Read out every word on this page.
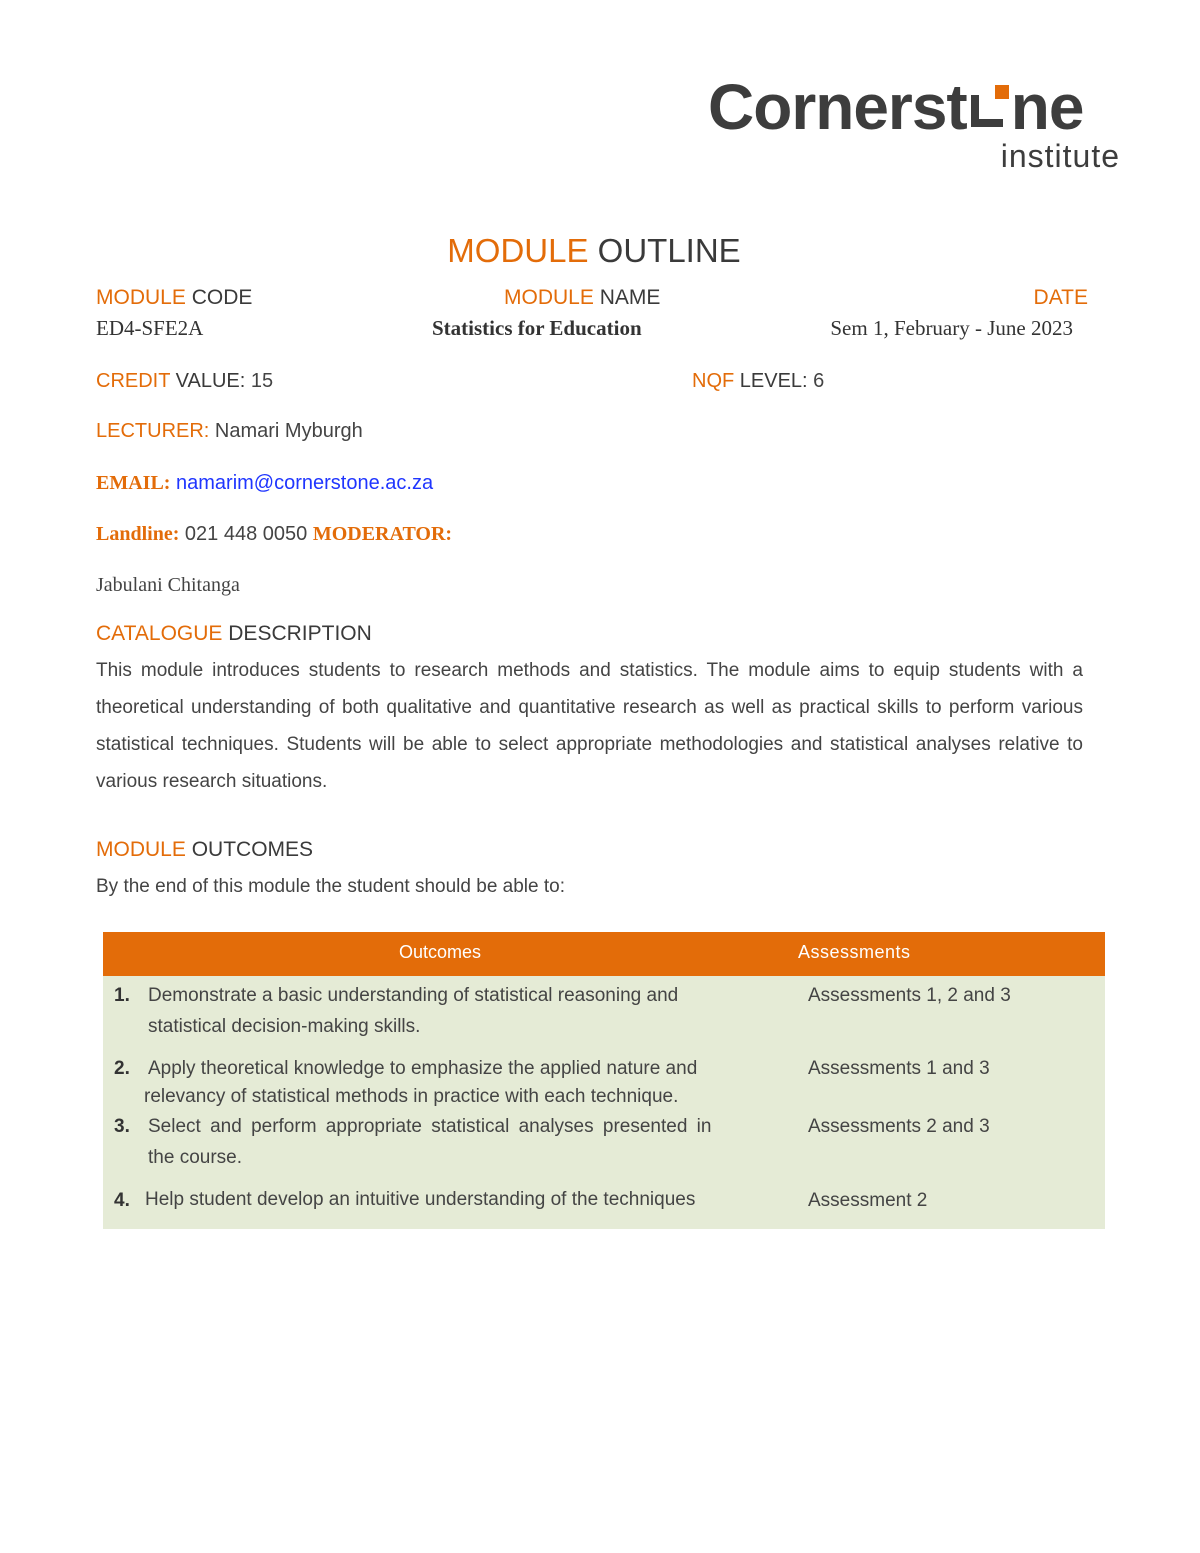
Cornerst ne
institute
MODULE OUTLINE
MODULE CODE	MODULE NAME	DATE
ED4-SFE2A	Statistics for Education	Sem 1, February - June 2023
CREDIT VALUE: 15	NQF LEVEL: 6
LECTURER: Namari Myburgh
EMAIL: namarim@cornerstone.ac.za
Landline: 021 448 0050 MODERATOR:
Jabulani Chitanga
CATALOGUE DESCRIPTION
This module introduces students to research methods and statistics. The module aims to equip students with a theoretical understanding of both qualitative and quantitative research as well as practical skills to perform various statistical techniques. Students will be able to select appropriate methodologies and statistical analyses relative to various research situations.
MODULE OUTCOMES
By the end of this module the student should be able to:
Outcomes	Assessments
1. Demonstrate a basic understanding of statistical reasoning and
statistical decision-making skills.
Assessments 1, 2 and 3
2. Apply theoretical knowledge to emphasize the applied nature and
relevancy of statistical methods in practice with each technique.
Assessments 1 and 3
3. Select and perform appropriate statistical analyses presented in
the course.
Assessments 2 and 3
4. Help student develop an intuitive understanding of the techniques	Assessment 2
